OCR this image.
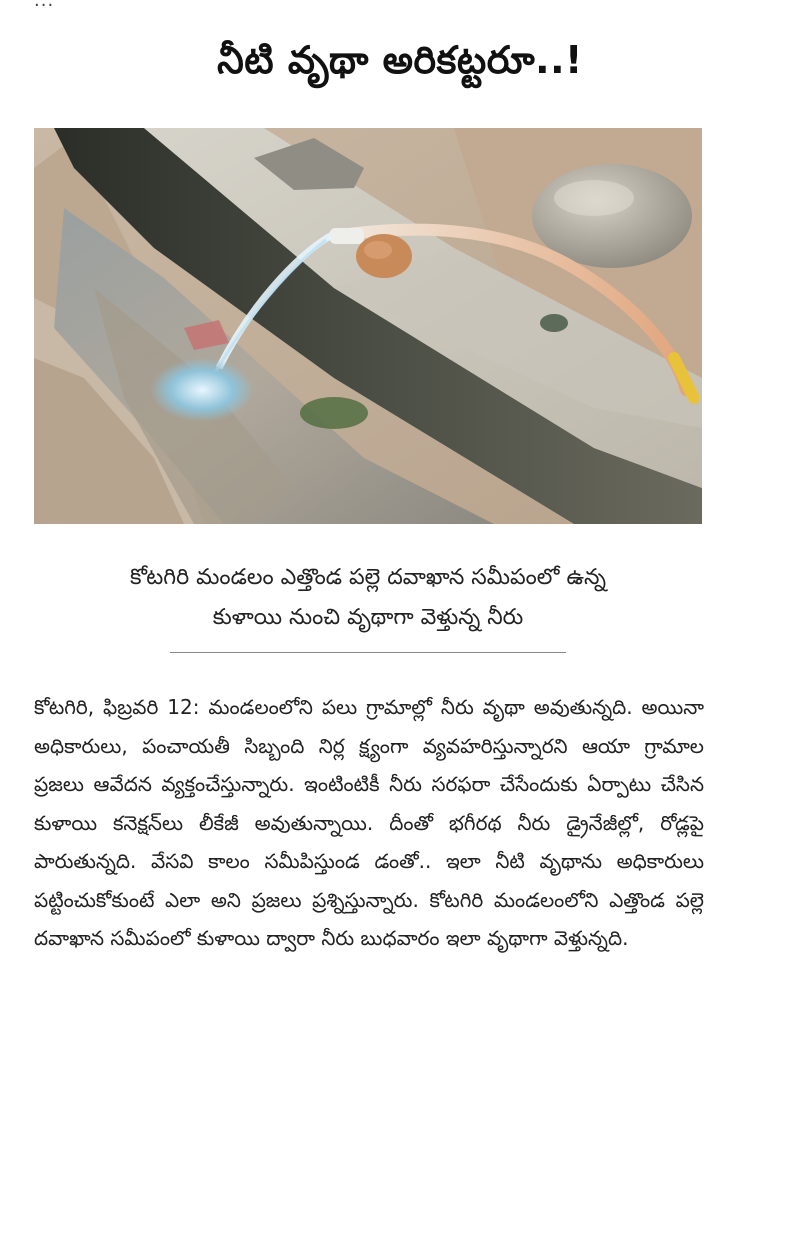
...
నీటి వృథా అరికట్టరూ..!
కోటగిరి మండలం ఎత్తొండ పల్లె దవాఖాన సమీపంలో ఉన్న
కుళాయి నుంచి వృథాగా వెళ్తున్న నీరు
కోటగిరి, ఫిబ్రవరి 12: మండలంలోని పలు గ్రామాల్లో నీరు వృథా అవుతున్నది. అయినా అధికారులు, పంచాయతీ సిబ్బంది నిర్ల క్ష్యంగా వ్యవహరిస్తున్నారని ఆయా గ్రామాల ప్రజలు ఆవేదన వ్యక్తంచేస్తున్నారు. ఇంటింటికీ నీరు సరఫరా చేసేందుకు ఏర్పాటు చేసిన కుళాయి కనెక్షన్‌లు లీకేజీ అవుతున్నాయి. దీంతో భగీరథ నీరు డ్రైనేజీల్లో, రోడ్లపై పారుతున్నది. వేసవి కాలం సమీపిస్తుండ డంతో.. ఇలా నీటి వృథాను అధికారులు పట్టించుకోకుంటే ఎలా అని ప్రజలు ప్రశ్నిస్తున్నారు. కోటగిరి మండలంలోని ఎత్తొండ పల్లె దవాఖాన సమీపంలో కుళాయి ద్వారా నీరు బుధవారం ఇలా వృథాగా వెళ్తున్నది.
